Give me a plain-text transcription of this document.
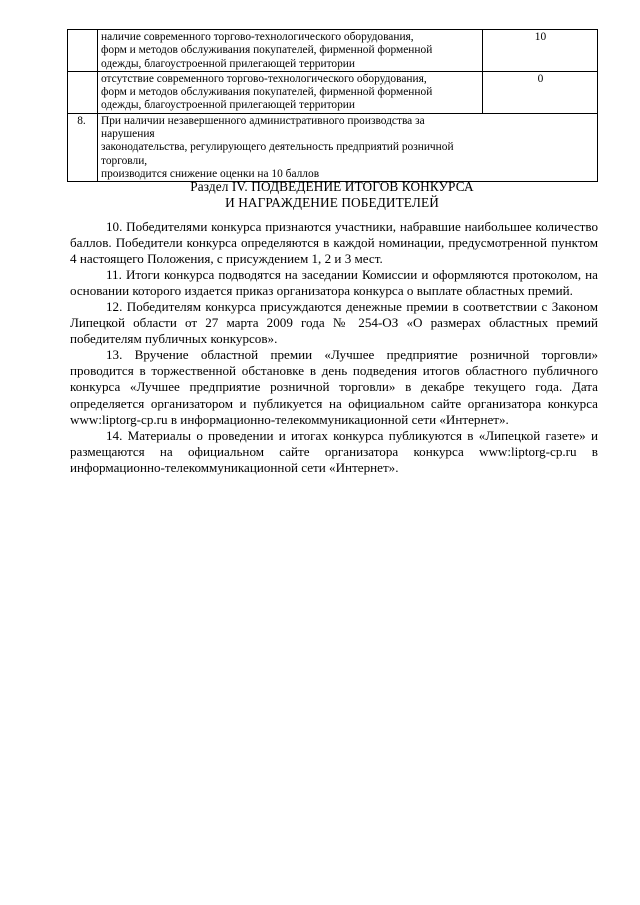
	наличие современного торгово-технологического оборудования,
форм и методов обслуживания покупателей, фирменной форменной
одежды, благоустроенной прилегающей территории	10

	отсутствие современного торгово-технологического оборудования,
форм и методов обслуживания покупателей, фирменной форменной
одежды, благоустроенной прилегающей территории	0
8.	При наличии незавершенного административного производства за нарушения
законодательства, регулирующего деятельность предприятий розничной торговли,
производится снижение оценки на 10 баллов	

Раздел IV. ПОДВЕДЕНИЕ ИТОГОВ КОНКУРСА
И НАГРАЖДЕНИЕ ПОБЕДИТЕЛЕЙ

10. Победителями конкурса признаются участники, набравшие наибольшее количество баллов. Победители конкурса определяются в каждой номинации, предусмотренной пунктом 4 настоящего Положения, с присуждением 1, 2 и 3 мест.

11. Итоги конкурса подводятся на заседании Комиссии и оформляются протоколом, на основании которого издается приказ организатора конкурса о выплате областных премий.

12. Победителям конкурса присуждаются денежные премии в соответствии с Законом Липецкой области от 27 марта 2009 года № 254-ОЗ «О размерах областных премий победителям публичных конкурсов».

13. Вручение областной премии «Лучшее предприятие розничной торговли» проводится в торжественной обстановке в день подведения итогов областного публичного конкурса «Лучшее предприятие розничной торговли» в декабре текущего года. Дата определяется организатором и публикуется на официальном сайте организатора конкурса www:liptorg-cp.ru в информационно-телекоммуникационной сети «Интернет».

14. Материалы о проведении и итогах конкурса публикуются в «Липецкой газете» и размещаются на официальном сайте организатора конкурса www:liptorg-cp.ru в информационно-телекоммуникационной сети «Интернет».
